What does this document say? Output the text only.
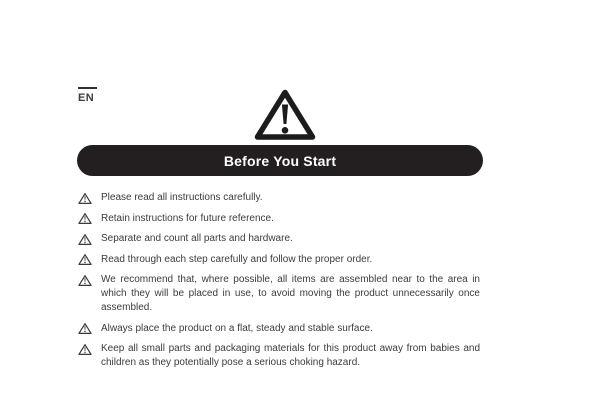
EN
Before You Start
Please read all instructions carefully.
Retain instructions for future reference.
Separate and count all parts and hardware.
Read through each step carefully and follow the proper order.
We recommend that, where possible, all items are assembled near to the area in which they will be placed in use, to avoid moving the product unnecessarily once assembled.
Always place the product on a flat, steady and stable surface.
Keep all small parts and packaging materials for this product away from babies and children as they potentially pose a serious choking hazard.
